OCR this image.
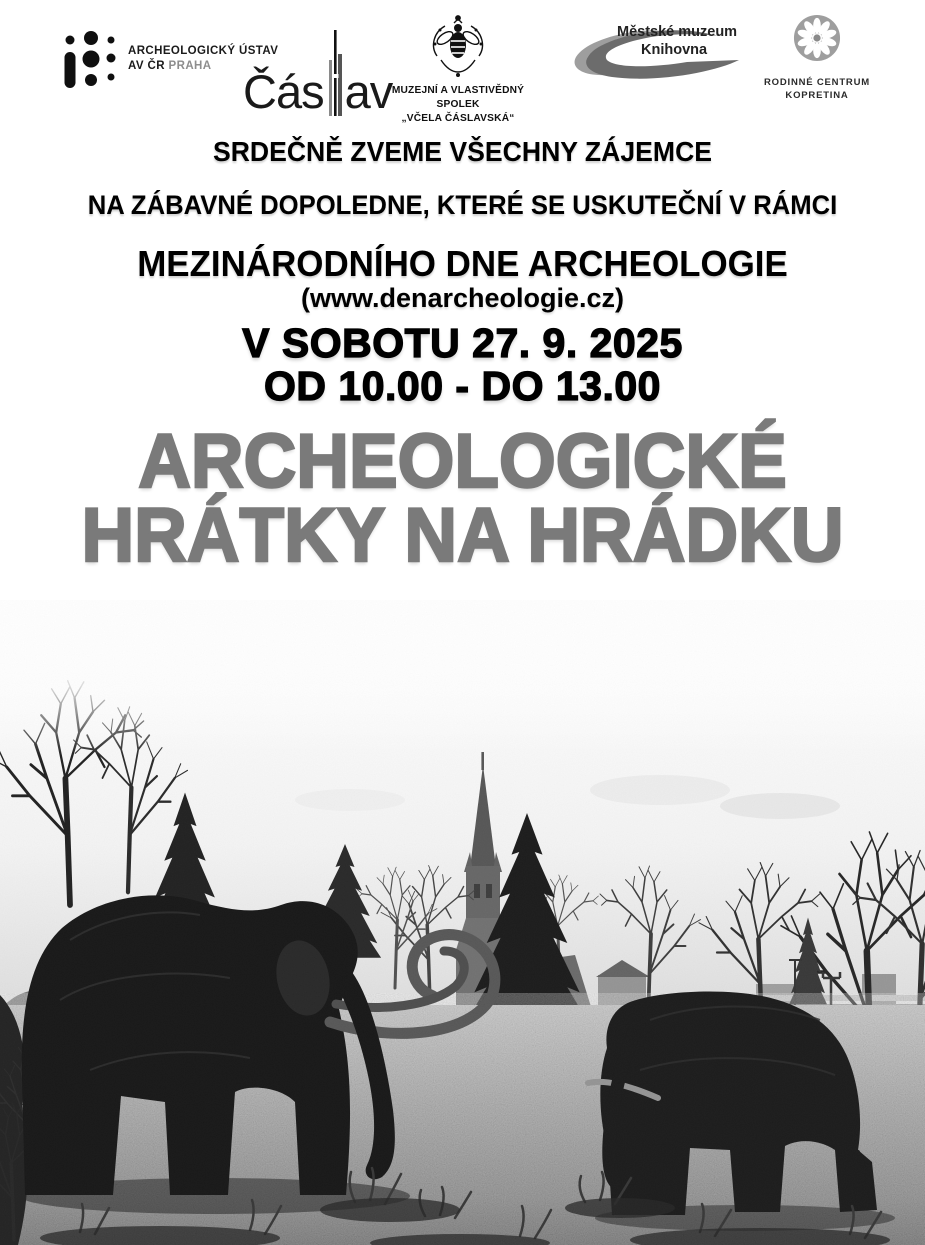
ARCHEOLOGICKÝ ÚSTAV
AV ČR PRAHA Čás av MUZEJNÍ A VLASTIVĚDNÝ SPOLEK
„VČELA ČÁSLAVSKÁ“
Městské muzeum
Knihovna
RODINNÉ CENTRUM
KOPRETINA
SRDEČNĚ ZVEME VŠECHNY ZÁJEMCE
NA ZÁBAVNÉ DOPOLEDNE, KTERÉ SE USKUTEČNÍ V RÁMCI
MEZINÁRODNÍHO DNE ARCHEOLOGIE
(www.denarcheologie.cz)
V SOBOTU 27. 9. 2025
OD 10.00 - DO 13.00
ARCHEOLOGICKÉ
HRÁTKY NA HRÁDKU
